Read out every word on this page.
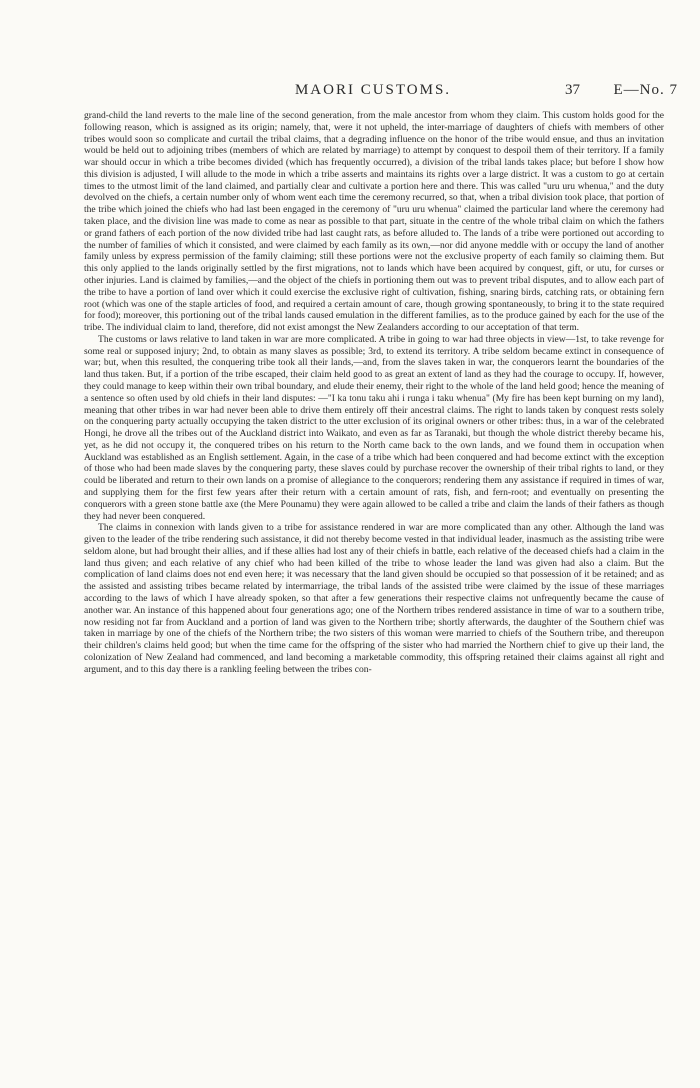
MAORI CUSTOMS.	37 E—No. 7

grand-child the land reverts to the male line of the second generation, from the male ancestor from whom they claim. This custom holds good for the following reason, which is assigned as its origin; namely, that, were it not upheld, the inter-marriage of daughters of chiefs with members of other tribes would soon so complicate and curtail the tribal claims, that a degrading influence on the honor of the tribe would ensue, and thus an invitation would be held out to adjoining tribes (members of which are related by marriage) to attempt by conquest to despoil them of their territory. If a family war should occur in which a tribe becomes divided (which has frequently occurred), a division of the tribal lands takes place; but before I show how this division is adjusted, I will allude to the mode in which a tribe asserts and maintains its rights over a large district. It was a custom to go at certain times to the utmost limit of the land claimed, and partially clear and cultivate a portion here and there. This was called "uru uru whenua," and the duty devolved on the chiefs, a certain number only of whom went each time the ceremony recurred, so that, when a tribal division took place, that portion of the tribe which joined the chiefs who had last been engaged in the ceremony of "uru uru whenua" claimed the particular land where the ceremony had taken place, and the division line was made to come as near as possible to that part, situate in the centre of the whole tribal claim on which the fathers or grand fathers of each portion of the now divided tribe had last caught rats, as before alluded to. The lands of a tribe were portioned out according to the number of families of which it consisted, and were claimed by each family as its own,—nor did anyone meddle with or occupy the land of another family unless by express permission of the family claiming; still these portions were not the exclusive property of each family so claiming them. But this only applied to the lands originally settled by the first migrations, not to lands which have been acquired by conquest, gift, or utu, for curses or other injuries. Land is claimed by families,—and the object of the chiefs in portioning them out was to prevent tribal disputes, and to allow each part of the tribe to have a portion of land over which it could exercise the exclusive right of cultivation, fishing, snaring birds, catching rats, or obtaining fern root (which was one of the staple articles of food, and required a certain amount of care, though growing spontaneously, to bring it to the state required for food); moreover, this portioning out of the tribal lands caused emulation in the different families, as to the produce gained by each for the use of the tribe. The individual claim to land, therefore, did not exist amongst the New Zealanders according to our acceptation of that term.

The customs or laws relative to land taken in war are more complicated. A tribe in going to war had three objects in view—1st, to take revenge for some real or supposed injury; 2nd, to obtain as many slaves as possible; 3rd, to extend its territory. A tribe seldom became extinct in consequence of war; but, when this resulted, the conquering tribe took all their lands,—and, from the slaves taken in war, the conquerors learnt the boundaries of the land thus taken. But, if a portion of the tribe escaped, their claim held good to as great an extent of land as they had the courage to occupy. If, however, they could manage to keep within their own tribal boundary, and elude their enemy, their right to the whole of the land held good; hence the meaning of a sentence so often used by old chiefs in their land disputes: —"I ka tonu taku ahi i runga i taku whenua" (My fire has been kept burning on my land), meaning that other tribes in war had never been able to drive them entirely off their ancestral claims. The right to lands taken by conquest rests solely on the conquering party actually occupying the taken district to the utter exclusion of its original owners or other tribes: thus, in a war of the celebrated Hongi, he drove all the tribes out of the Auckland district into Waikato, and even as far as Taranaki, but though the whole district thereby became his, yet, as he did not occupy it, the conquered tribes on his return to the North came back to the own lands, and we found them in occupation when Auckland was established as an English settlement. Again, in the case of a tribe which had been conquered and had become extinct with the exception of those who had been made slaves by the conquering party, these slaves could by purchase recover the ownership of their tribal rights to land, or they could be liberated and return to their own lands on a promise of allegiance to the conquerors; rendering them any assistance if required in times of war, and supplying them for the first few years after their return with a certain amount of rats, fish, and fern-root; and eventually on presenting the conquerors with a green stone battle axe (the Mere Pounamu) they were again allowed to be called a tribe and claim the lands of their fathers as though they had never been conquered.

The claims in connexion with lands given to a tribe for assistance rendered in war are more complicated than any other. Although the land was given to the leader of the tribe rendering such assistance, it did not thereby become vested in that individual leader, inasmuch as the assisting tribe were seldom alone, but had brought their allies, and if these allies had lost any of their chiefs in battle, each relative of the deceased chiefs had a claim in the land thus given; and each relative of any chief who had been killed of the tribe to whose leader the land was given had also a claim. But the complication of land claims does not end even here; it was necessary that the land given should be occupied so that possession of it be retained; and as the assisted and assisting tribes became related by intermarriage, the tribal lands of the assisted tribe were claimed by the issue of these marriages according to the laws of which I have already spoken, so that after a few generations their respective claims not unfrequently became the cause of another war. An instance of this happened about four generations ago; one of the Northern tribes rendered assistance in time of war to a southern tribe, now residing not far from Auckland and a portion of land was given to the Northern tribe; shortly afterwards, the daughter of the Southern chief was taken in marriage by one of the chiefs of the Northern tribe; the two sisters of this woman were married to chiefs of the Southern tribe, and thereupon their children's claims held good; but when the time came for the offspring of the sister who had married the Northern chief to give up their land, the colonization of New Zealand had commenced, and land becoming a marketable commodity, this offspring retained their claims against all right and argument, and to this day there is a rankling feeling between the tribes con-
